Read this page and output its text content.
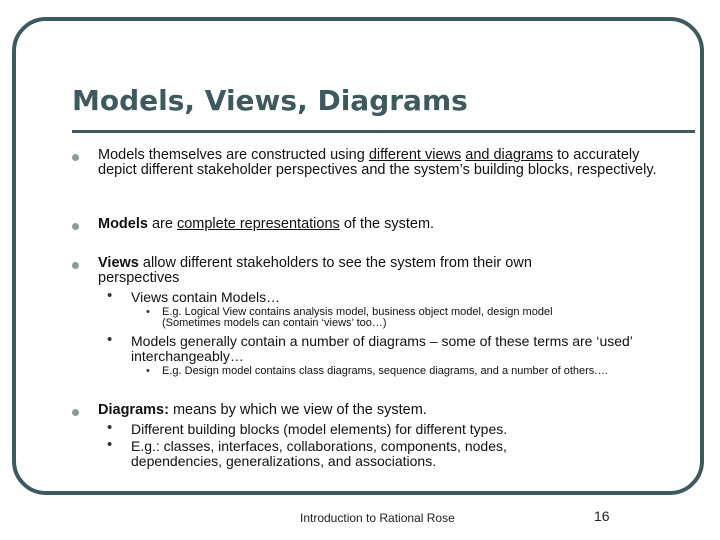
Models, Views, Diagrams

Models themselves are constructed using different views and diagrams to accurately depict different stakeholder perspectives and the system’s building blocks, respectively.

Models are complete representations of the system.

Views allow different stakeholders to see the system from their own perspectives

• Views contain Models…

• E.g. Logical View contains analysis model, business object model, design model (Sometimes models can contain ‘views’ too…)

• Models generally contain a number of diagrams – some of these terms are ‘used’ interchangeably…

• E.g. Design model contains class diagrams, sequence diagrams, and a number of others.…

Diagrams: means by which we view of the system.

• Different building blocks (model elements) for different types.

• E.g.: classes, interfaces, collaborations, components, nodes, dependencies, generalizations, and associations.

Introduction to Rational Rose	16
